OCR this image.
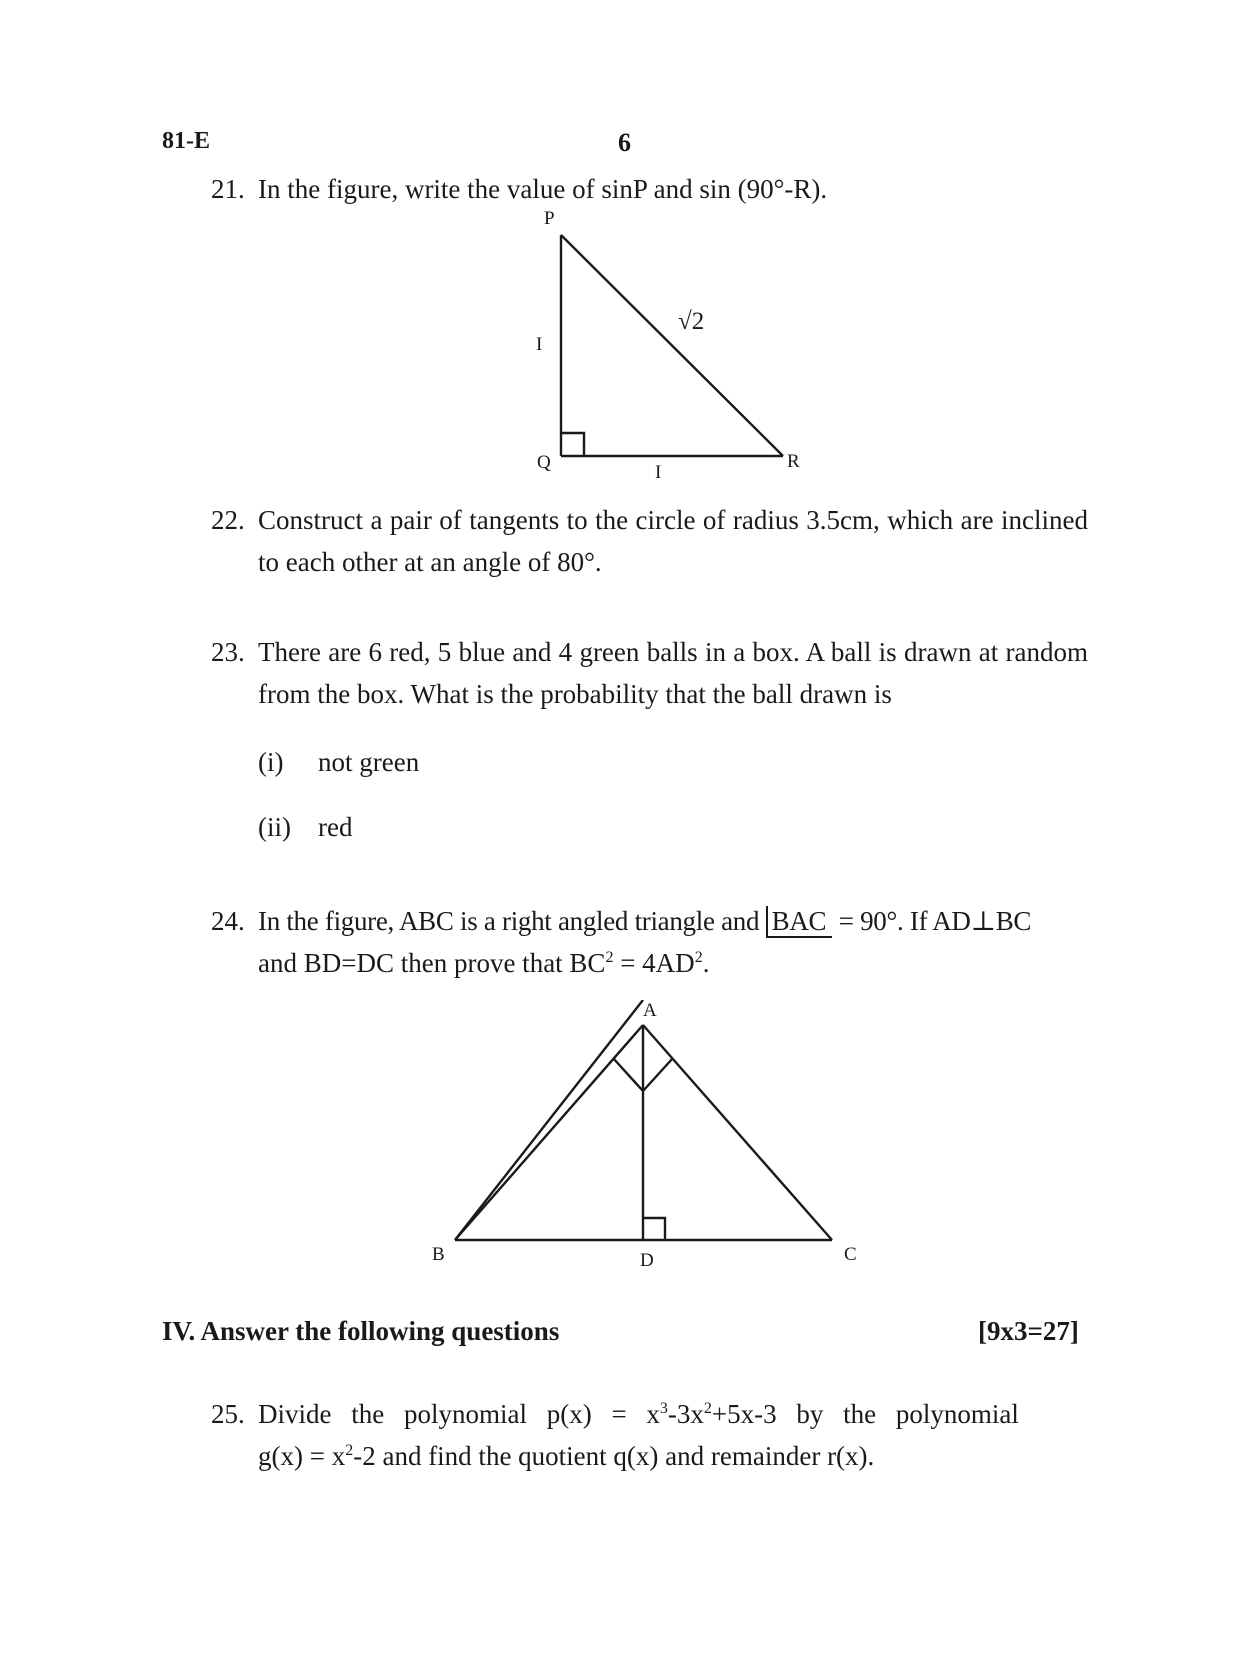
81-E	6
21. In the figure, write the value of sinP and sin (90°-R).
P
Q	R
I
I
√2
22. Construct a pair of tangents to the circle of radius 3.5cm, which are inclined to each other at an angle of 80°.
23. There are 6 red, 5 blue and 4 green balls in a box. A ball is drawn at random from the box. What is the probability that the ball drawn is
(i) not green
(ii) red
24. In the figure, ABC is a right angled triangle and BAC = 90°. If AD⊥BC
and BD=DC then prove that $BC^2 = 4AD^2$.
A
B	C
D
IV. Answer the following questions	[9x3=27]
25. Divide the polynomial $p(x) = x^3-3x^2+5x-3$ by the polynomial
$g(x) = x^2-2$ and find the quotient q(x) and remainder r(x).
